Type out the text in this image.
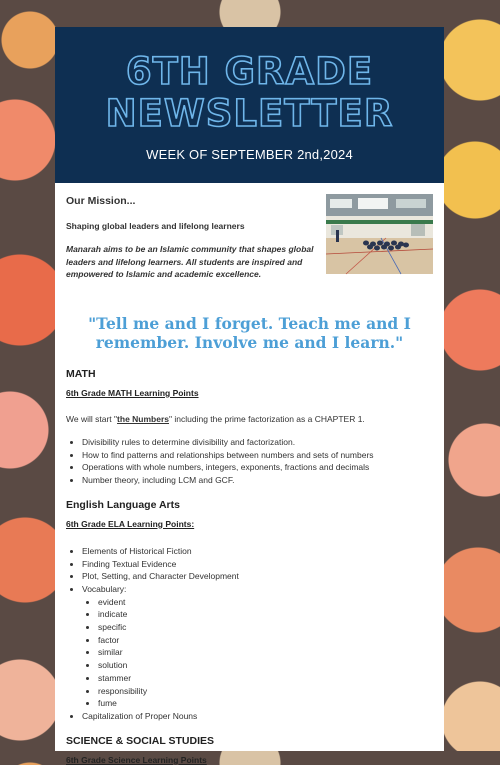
6TH GRADE
NEWSLETTER
WEEK OF SEPTEMBER 2nd,2024

Our Mission...

Shaping global leaders and lifelong learners

Manarah aims to be an Islamic community that shapes global leaders and lifelong learners. All students are inspired and empowered to Islamic and academic excellence.

"Tell me and I forget. Teach me and I remember. Involve me and I learn."

MATH

6th Grade MATH Learning Points

We will start "the Numbers" including the prime factorization as a CHAPTER 1.

• Divisibility rules to determine divisibility and factorization.
• How to find patterns and relationships between numbers and sets of numbers
• Operations with whole numbers, integers, exponents, fractions and decimals
• Number theory, including LCM and GCF.

English Language Arts

6th Grade ELA Learning Points:

• Elements of Historical Fiction
• Finding Textual Evidence
• Plot, Setting, and Character Development
• Vocabulary:
• evident
• indicate
• specific
• factor
• similar
• solution
• stammer
• responsibility
• fume
• Capitalization of Proper Nouns

SCIENCE & SOCIAL STUDIES

6th Grade Science Learning Points
